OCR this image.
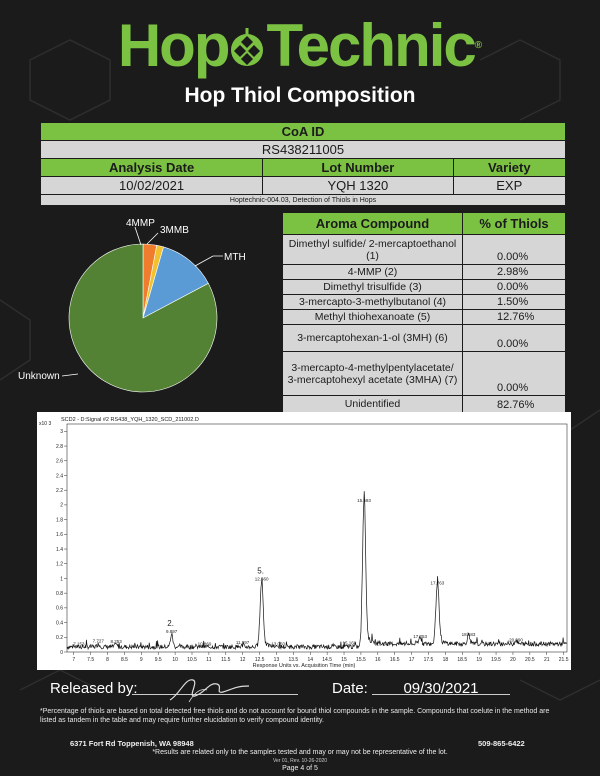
Hop Technic®
Hop Thiol Composition
CoA ID		
RS438211005		
Analysis Date	Lot Number	Variety
10/02/2021	YQH 1320	EXP
Hoptechnic-004.03, Detection of Thiols in Hops		
4MMP
3MMB
MTH
Unknown
Aroma Compound	% of Thiols
Dimethyl sulfide/ 2-mercaptoethanol (1)	0.00%
4-MMP (2)	2.98%
Dimethyl trisulfide (3)	0.00%
3-mercapto-3-methylbutanol (4)	1.50%
Methyl thiohexanoate (5)	12.76%
3-mercaptohexan-1-ol (3MH) (6)	0.00%
3-mercapto-4-methylpentylacetate/ 3-mercaptohexyl acetate (3MHA) (7)	0.00%
Unidentified	82.76%
SCD2 - D:Signal #2 RS438_YQH_1320_SCD_211002.D
x10 3
0
0.2
0.4
0.6
0.8
1
1.2
1.4
1.6
1.8
2
2.2
2.4
2.6
2.8
3
7 7.5 8 8.5 9 9.5 10 10.5 11 11.5 12 12.5 13 13.5 14 14.5 15 15.5 16 16.5 17 17.5 18 18.5 19 19.5 20 20.5 21 21.5
7.153
7.727 8.253
9.897
2.
10.869	11.997
12.560
5.
13.050	15.160
15.593
16.160
17.253
17.763
18.683
20.090
Response Units vs. Acquisition Time (min)
Released by:	Date:	09/30/2021
*Percentage of thiols are based on total detected free thiols and do not account for bound thiol compounds in the sample. Compounds that coelute in the method are listed as tandem in the table and may require further elucidation to verify compound identity.
6371 Fort Rd Toppenish, WA 98948	509-865-6422
*Results are related only to the samples tested and may or may not be representative of the lot.
Ver 01, Rev. 10-26-2020
Page 4 of 5
